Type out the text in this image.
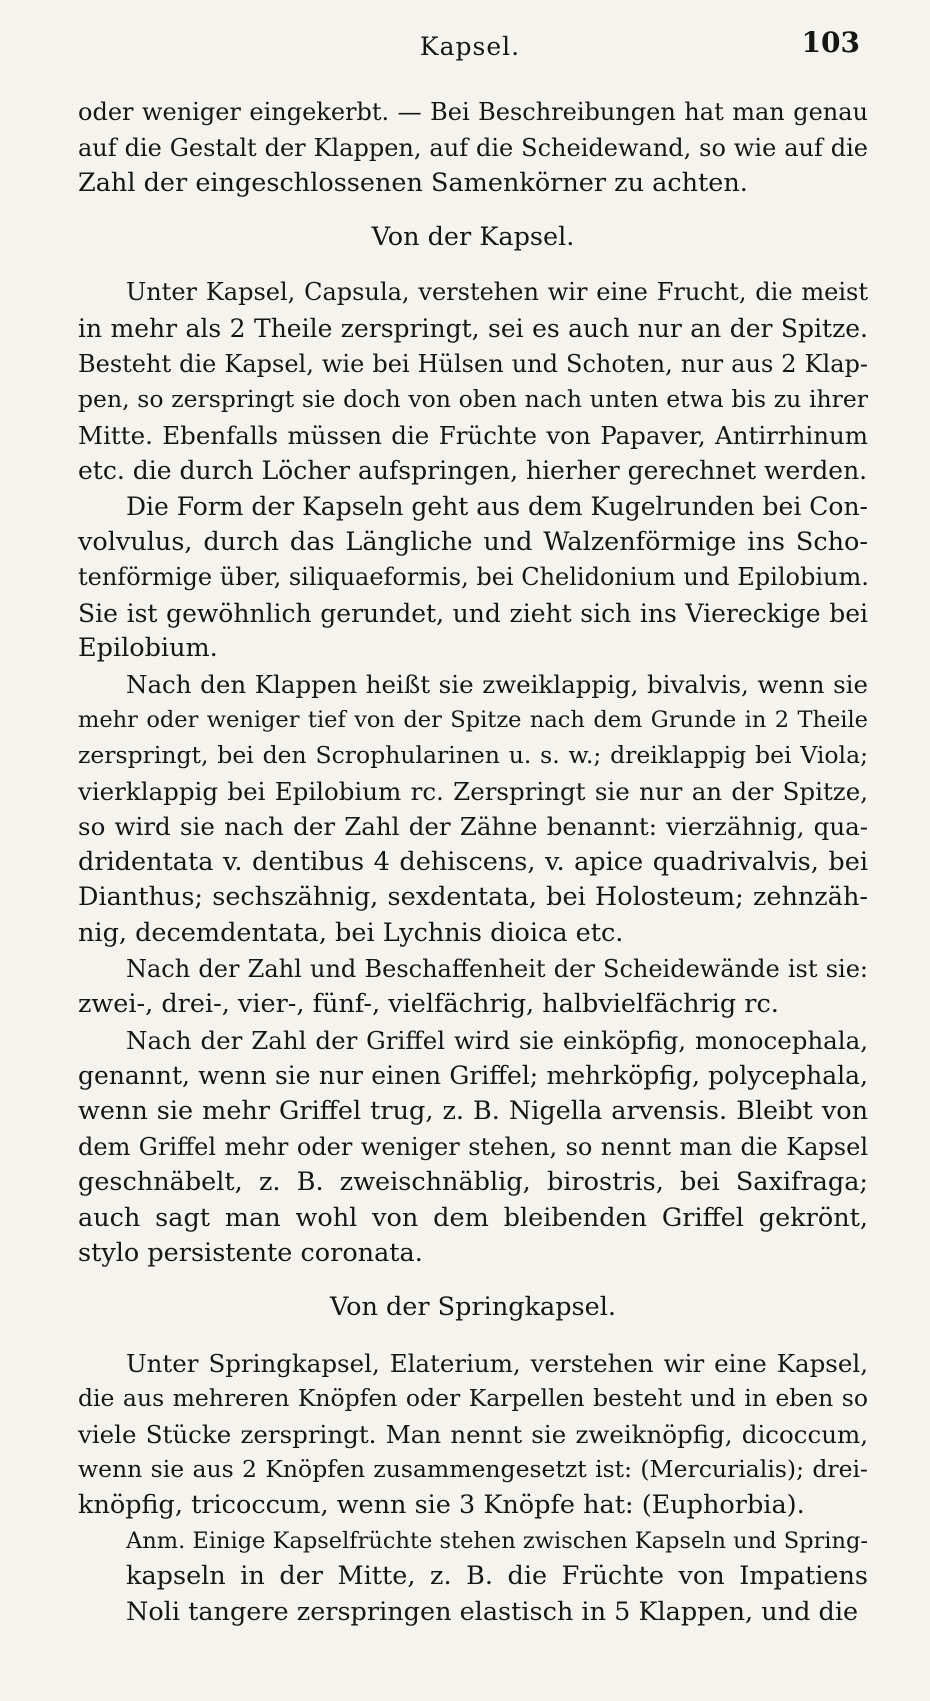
Kapsel.	103
oder weniger eingekerbt. — Bei Beschreibungen hat man genau
auf die Gestalt der Klappen, auf die Scheidewand, so wie auf die
Zahl der eingeschlossenen Samenkörner zu achten.
Von der Kapsel.
Unter Kapsel, Capsula, verstehen wir eine Frucht, die meist
in mehr als 2 Theile zerspringt, sei es auch nur an der Spitze.
Besteht die Kapsel, wie bei Hülsen und Schoten, nur aus 2 Klap-
pen, so zerspringt sie doch von oben nach unten etwa bis zu ihrer
Mitte. Ebenfalls müssen die Früchte von Papaver, Antirrhinum
etc. die durch Löcher aufspringen, hierher gerechnet werden.
Die Form der Kapseln geht aus dem Kugelrunden bei Con-
volvulus, durch das Längliche und Walzenförmige ins Scho-
tenförmige über, siliquaeformis, bei Chelidonium und Epilobium.
Sie ist gewöhnlich gerundet, und zieht sich ins Viereckige bei
Epilobium.
Nach den Klappen heißt sie zweiklappig, bivalvis, wenn sie
mehr oder weniger tief von der Spitze nach dem Grunde in 2 Theile
zerspringt, bei den Scrophularinen u. s. w.; dreiklappig bei Viola;
vierklappig bei Epilobium rc. Zerspringt sie nur an der Spitze,
so wird sie nach der Zahl der Zähne benannt: vierzähnig, qua-
dridentata v. dentibus 4 dehiscens, v. apice quadrivalvis, bei
Dianthus; sechszähnig, sexdentata, bei Holosteum; zehnzäh-
nig, decemdentata, bei Lychnis dioica etc.
Nach der Zahl und Beschaffenheit der Scheidewände ist sie:
zwei-, drei-, vier-, fünf-, vielfächrig, halbvielfächrig rc.
Nach der Zahl der Griffel wird sie einköpfig, monocephala,
genannt, wenn sie nur einen Griffel; mehrköpfig, polycephala,
wenn sie mehr Griffel trug, z. B. Nigella arvensis. Bleibt von
dem Griffel mehr oder weniger stehen, so nennt man die Kapsel
geschnäbelt, z. B. zweischnäblig, birostris, bei Saxifraga;
auch sagt man wohl von dem bleibenden Griffel gekrönt,
stylo persistente coronata.
Von der Springkapsel.
Unter Springkapsel, Elaterium, verstehen wir eine Kapsel,
die aus mehreren Knöpfen oder Karpellen besteht und in eben so
viele Stücke zerspringt. Man nennt sie zweiknöpfig, dicoccum,
wenn sie aus 2 Knöpfen zusammengesetzt ist: (Mercurialis); drei-
knöpfig, tricoccum, wenn sie 3 Knöpfe hat: (Euphorbia).
Anm. Einige Kapselfrüchte stehen zwischen Kapseln und Spring-
kapseln in der Mitte, z. B. die Früchte von Impatiens
Noli tangere zerspringen elastisch in 5 Klappen, und die
